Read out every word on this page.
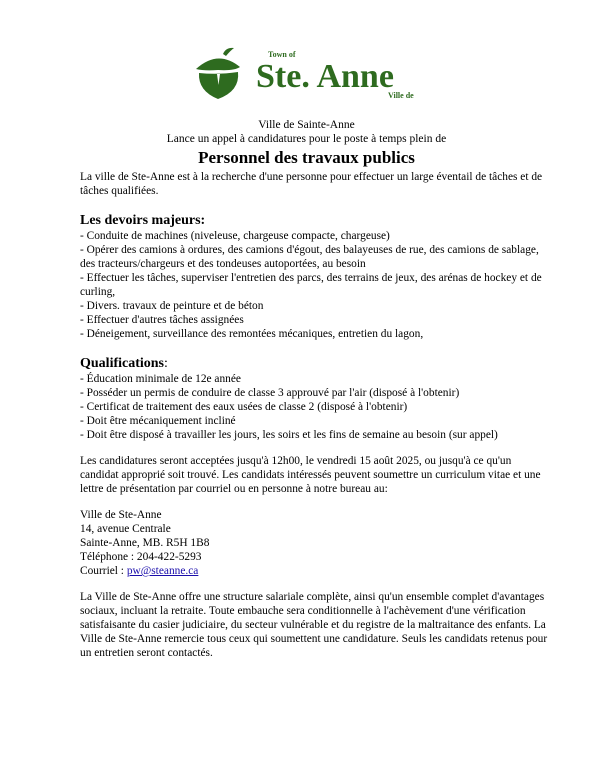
Town of
Ste. Anne
Ville de
Ville de Sainte-Anne
Lance un appel à candidatures pour le poste à temps plein de
Personnel des travaux publics

La ville de Ste-Anne est à la recherche d'une personne pour effectuer un large éventail de tâches et de tâches qualifiées.

Les devoirs majeurs:

- Conduite de machines (niveleuse, chargeuse compacte, chargeuse)

- Opérer des camions à ordures, des camions d'égout, des balayeuses de rue, des camions de sablage, des tracteurs/chargeurs et des tondeuses autoportées, au besoin

- Effectuer les tâches, superviser l'entretien des parcs, des terrains de jeux, des arénas de hockey et de curling,

- Divers. travaux de peinture et de béton

- Effectuer d'autres tâches assignées

- Déneigement, surveillance des remontées mécaniques, entretien du lagon,

Qualifications:

- Éducation minimale de 12e année

- Posséder un permis de conduire de classe 3 approuvé par l'air (disposé à l'obtenir)

- Certificat de traitement des eaux usées de classe 2 (disposé à l'obtenir)

- Doit être mécaniquement incliné

- Doit être disposé à travailler les jours, les soirs et les fins de semaine au besoin (sur appel)

Les candidatures seront acceptées jusqu'à 12h00, le vendredi 15 août 2025, ou jusqu'à ce qu'un candidat approprié soit trouvé. Les candidats intéressés peuvent soumettre un curriculum vitae et une lettre de présentation par courriel ou en personne à notre bureau au:

Ville de Ste-Anne

14, avenue Centrale

Sainte-Anne, MB. R5H 1B8

Téléphone : 204-422-5293

Courriel : pw@steanne.ca

La Ville de Ste-Anne offre une structure salariale complète, ainsi qu'un ensemble complet d'avantages sociaux, incluant la retraite. Toute embauche sera conditionnelle à l'achèvement d'une vérification satisfaisante du casier judiciaire, du secteur vulnérable et du registre de la maltraitance des enfants. La Ville de Ste-Anne remercie tous ceux qui soumettent une candidature. Seuls les candidats retenus pour un entretien seront contactés.
